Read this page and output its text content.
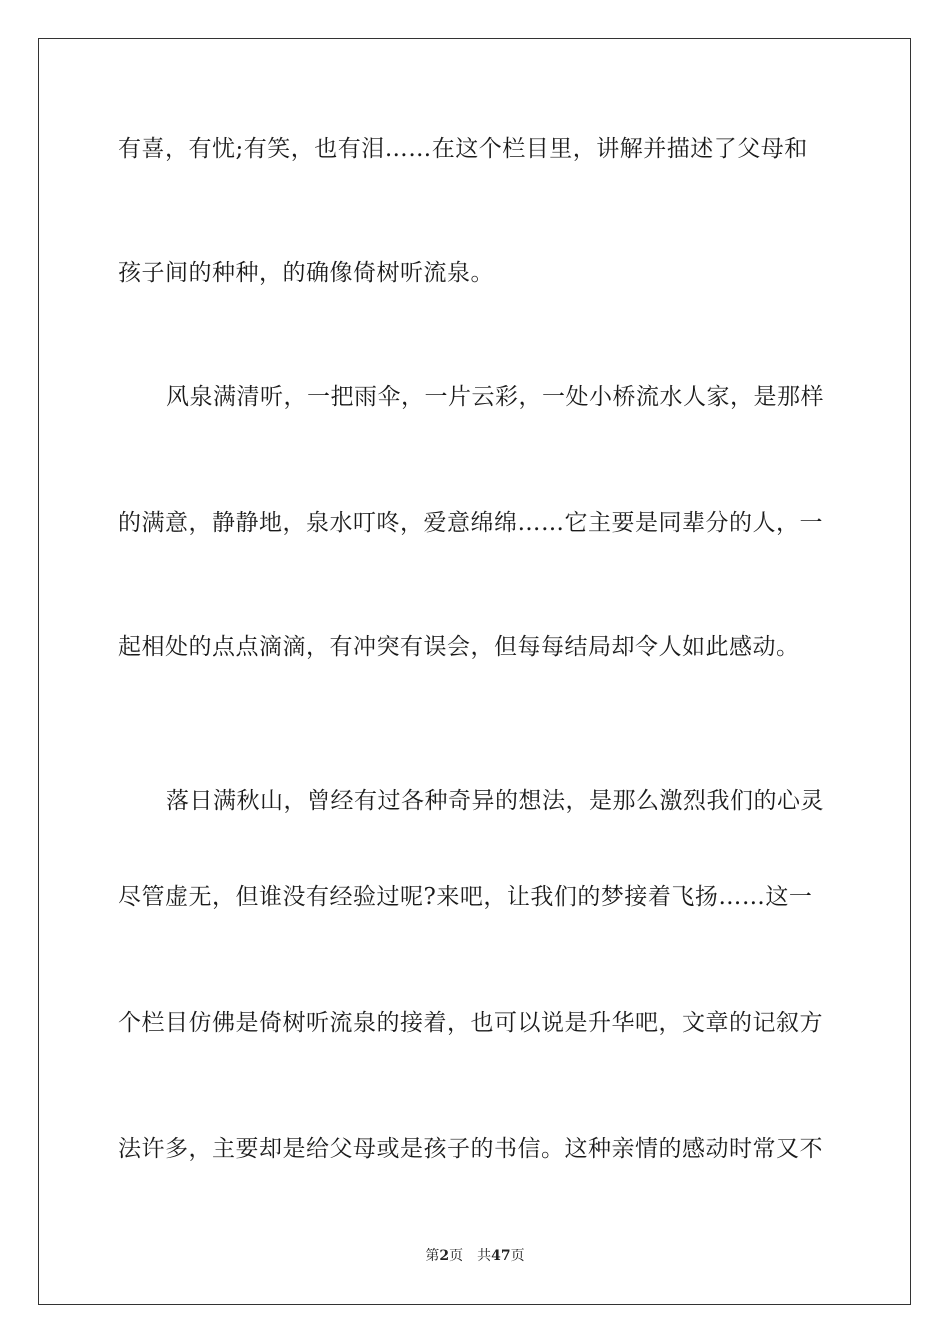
有喜，有忧;有笑，也有泪……在这个栏目里，讲解并描述了父母和
孩子间的种种，的确像倚树听流泉。
风泉满清听，一把雨伞，一片云彩，一处小桥流水人家，是那样
的满意，静静地，泉水叮咚，爱意绵绵……它主要是同辈分的人，一
起相处的点点滴滴，有冲突有误会，但每每结局却令人如此感动。
落日满秋山，曾经有过各种奇异的想法，是那么激烈我们的心灵
尽管虚无，但谁没有经验过呢?来吧，让我们的梦接着飞扬……这一
个栏目仿佛是倚树听流泉的接着，也可以说是升华吧，文章的记叙方
法许多，主要却是给父母或是孩子的书信。这种亲情的感动时常又不
第2页 共47页
